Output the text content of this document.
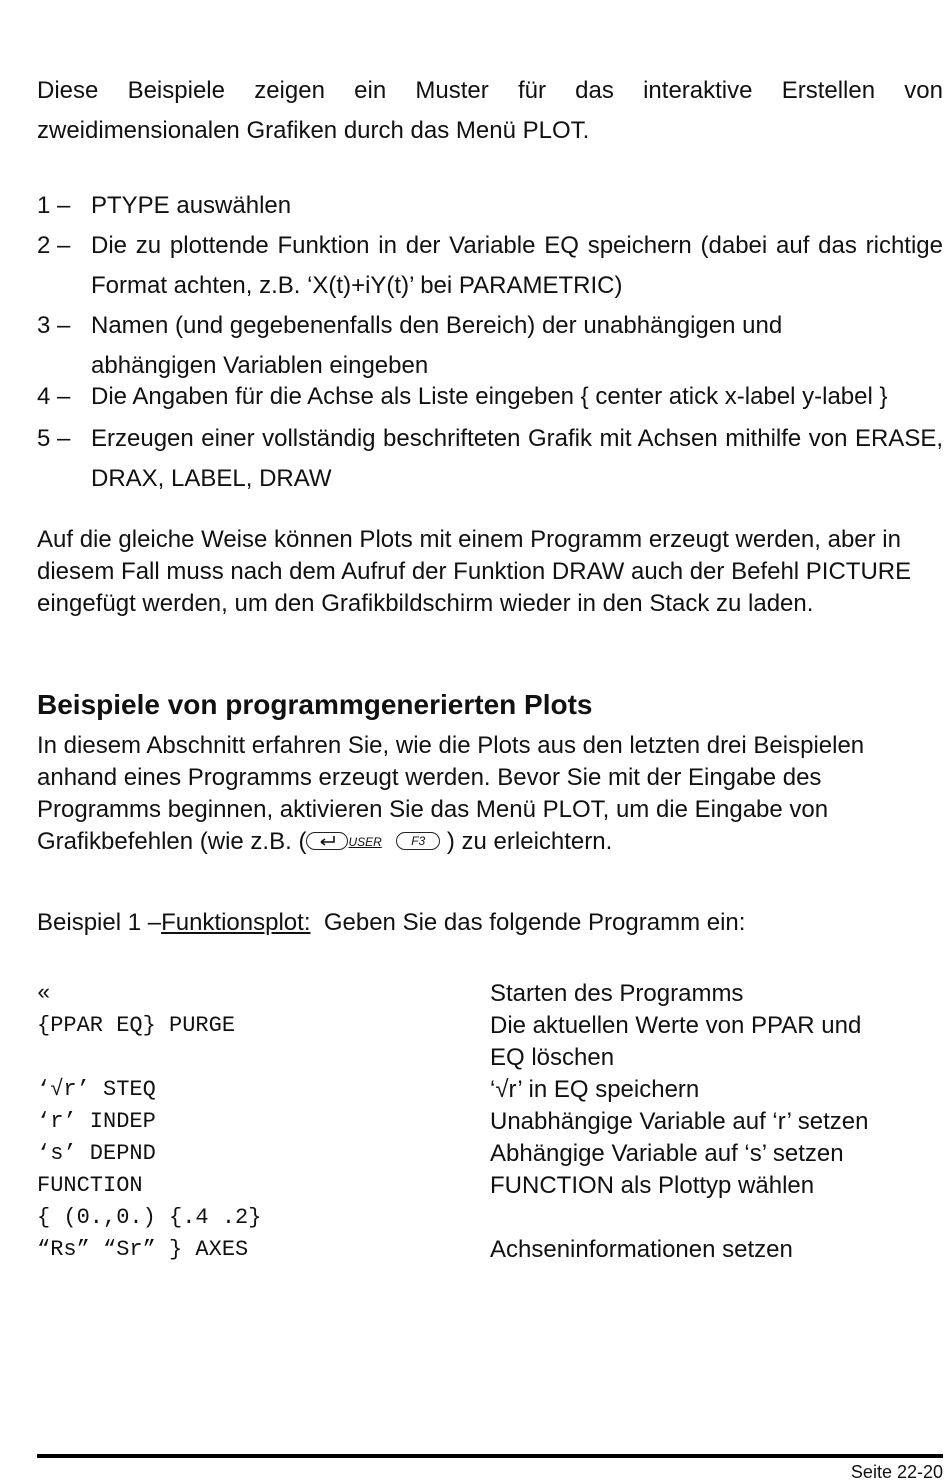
Diese Beispiele zeigen ein Muster für das interaktive Erstellen von

zweidimensionalen Grafiken durch das Menü PLOT.

1 – PTYPE auswählen
2 – Die zu plottende Funktion in der Variable EQ speichern (dabei auf das richtige Format achten, z.B. ‘X(t)+iY(t)’ bei PARAMETRIC)
3 – Namen (und gegebenenfalls den Bereich) der unabhängigen und abhängigen Variablen eingeben
4 – Die Angaben für die Achse als Liste eingeben { center atick x-label y-label }
5 – Erzeugen einer vollständig beschrifteten Grafik mit Achsen mithilfe von ERASE, DRAX, LABEL, DRAW

Auf die gleiche Weise können Plots mit einem Programm erzeugt werden, aber in diesem Fall muss nach dem Aufruf der Funktion DRAW auch der Befehl PICTURE eingefügt werden, um den Grafikbildschirm wieder in den Stack zu laden.

Beispiele von programmgenerierten Plots

In diesem Abschnitt erfahren Sie, wie die Plots aus den letzten drei Beispielen anhand eines Programms erzeugt werden. Bevor Sie mit der Eingabe des Programms beginnen, aktivieren Sie das Menü PLOT, um die Eingabe von Grafikbefehlen (wie z.B. (	$^{USER}$    F3 ) zu erleichtern.

Beispiel 1 –Funktionsplot:  Geben Sie das folgende Programm ein:

«	Starten des Programms
{PPAR EQ} PURGE	Die aktuellen Werte von PPAR und
EQ löschen
‘√r’ STEQ	‘√r’ in EQ speichern
‘r’ INDEP	Unabhängige Variable auf ‘r’ setzen
‘s’ DEPND	Abhängige Variable auf ‘s’ setzen
FUNCTION	FUNCTION als Plottyp wählen
{ (0.,0.) {.4 .2}
“Rs” “Sr” } AXES	Achseninformationen setzen
Seite 22-20
